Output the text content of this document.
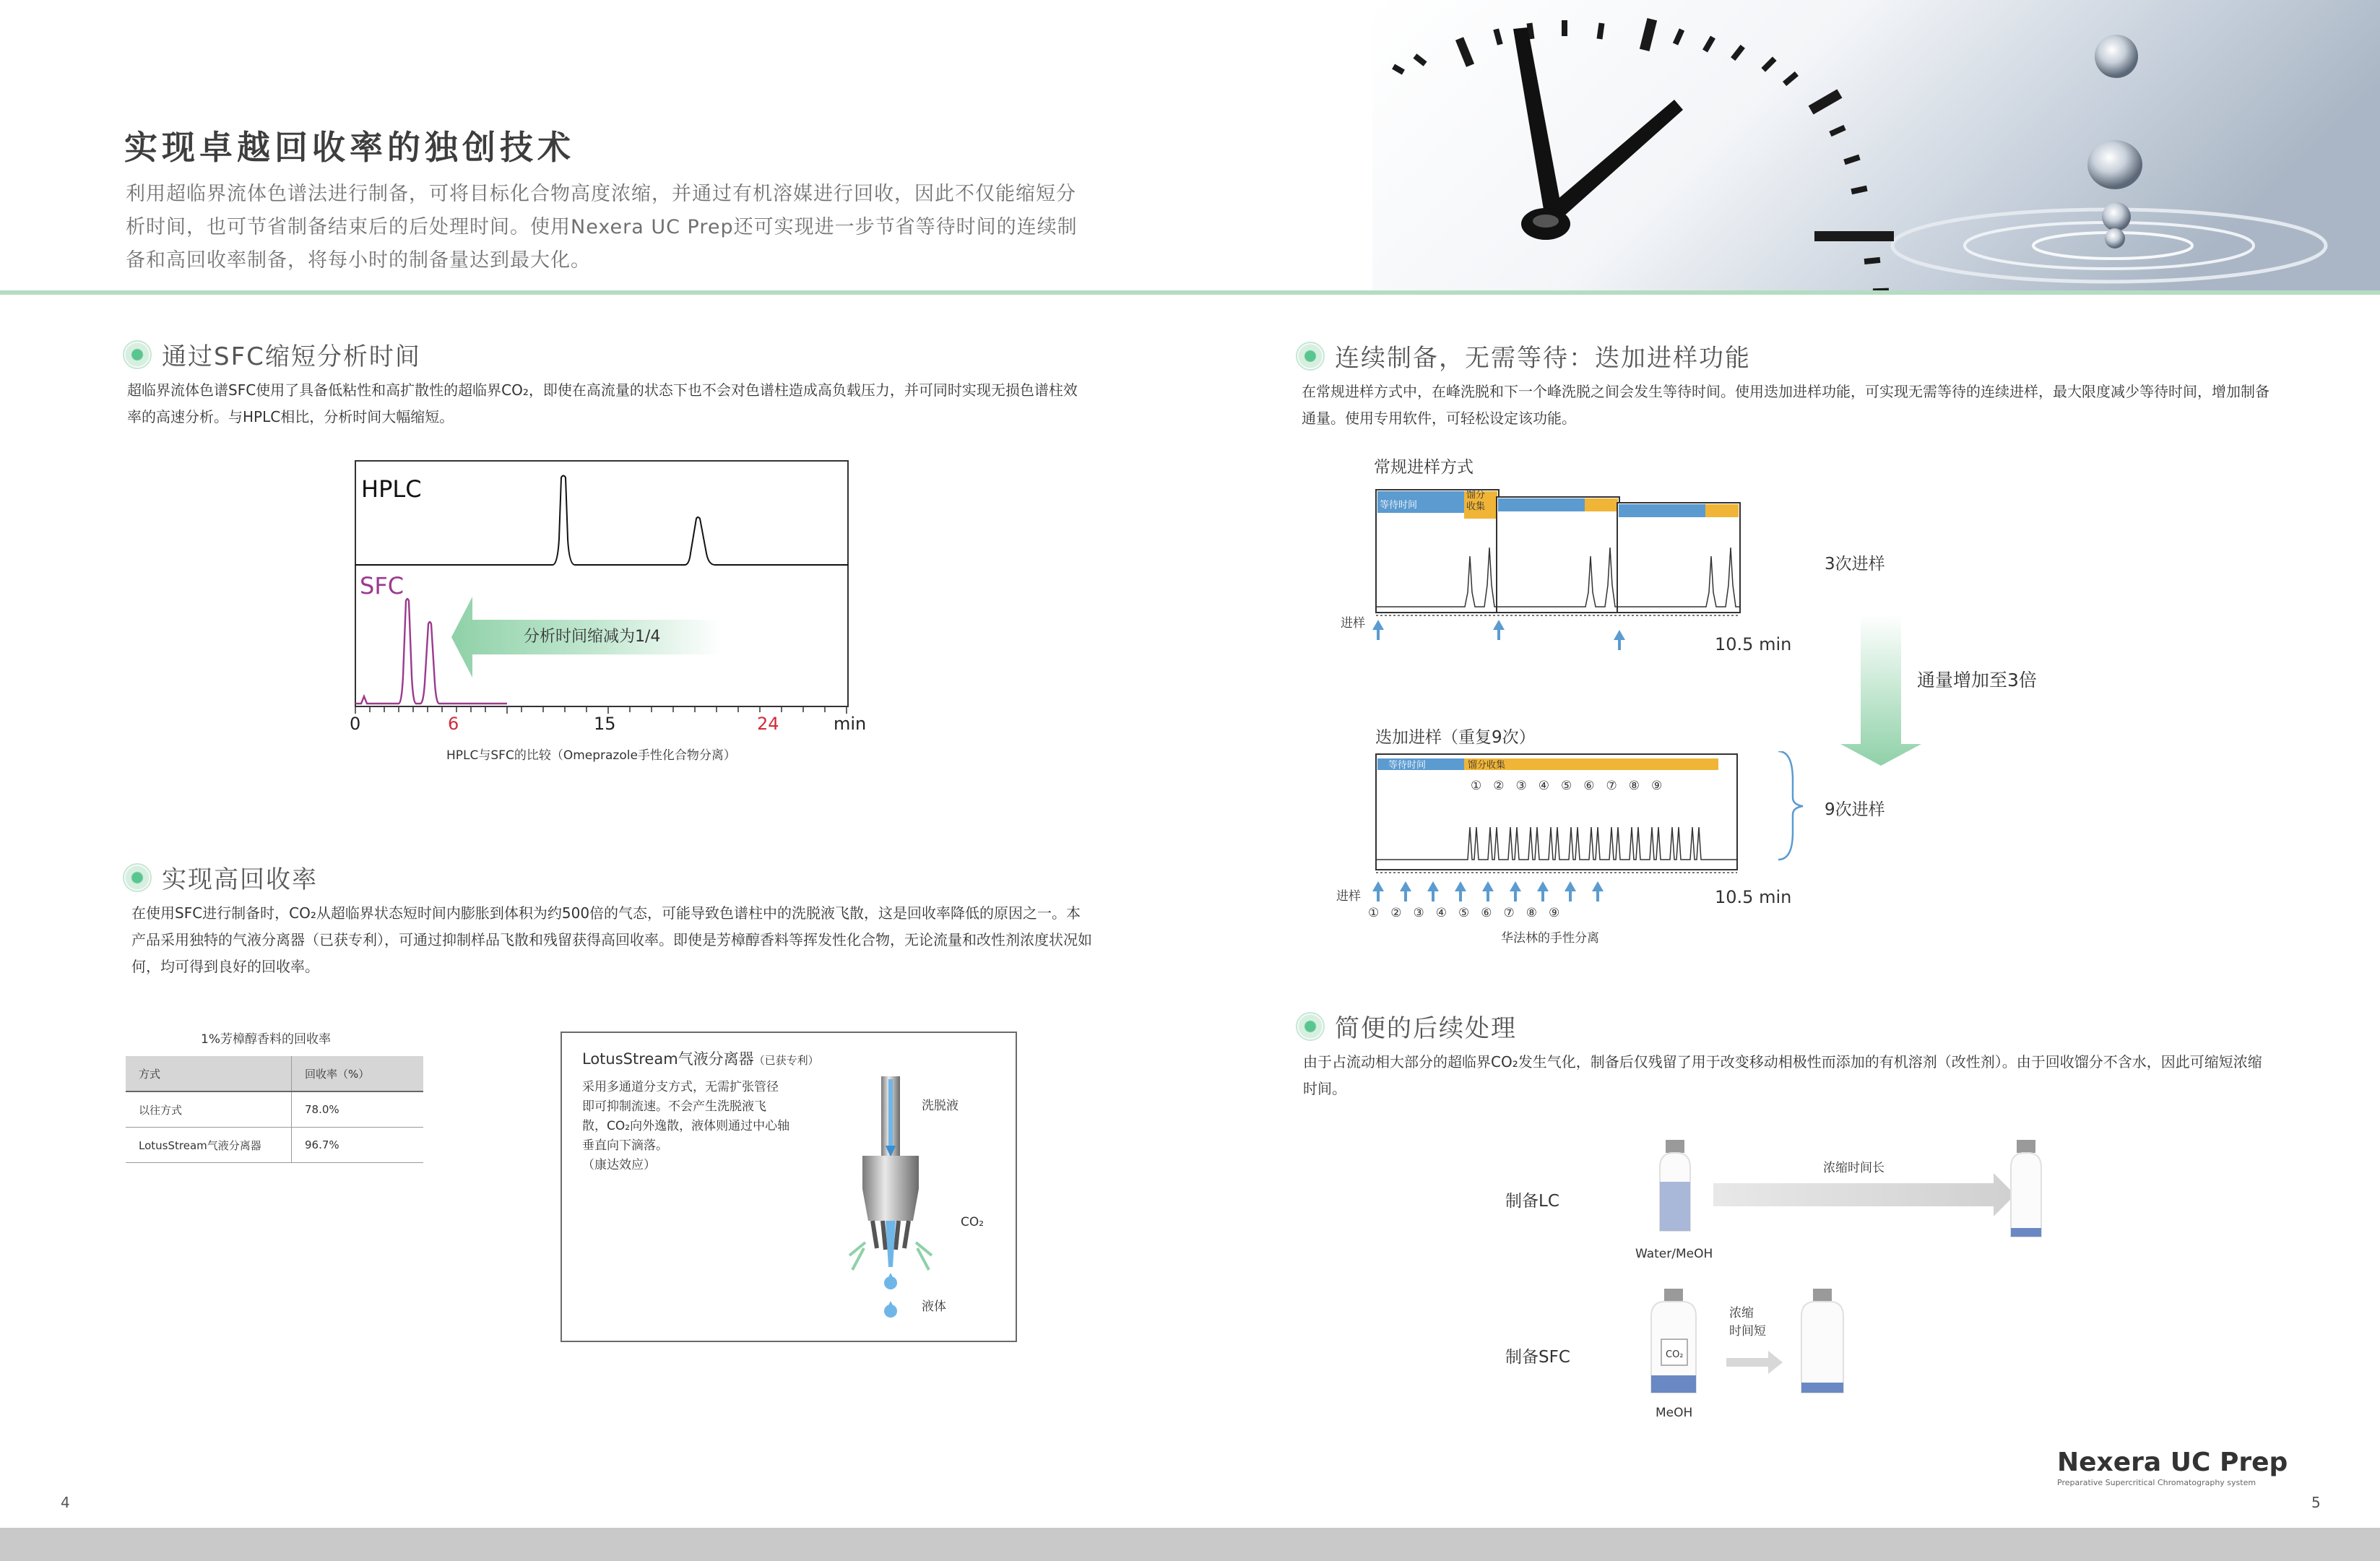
实现卓越回收率的独创技术
利用超临界流体色谱法进行制备，可将目标化合物高度浓缩，并通过有机溶媒进行回收，因此不仅能缩短分析时间，也可节省制备结束后的后处理时间。使用Nexera UC Prep还可实现进一步节省等待时间的连续制备和高回收率制备，将每小时的制备量达到最大化。
通过SFC缩短分析时间
超临界流体色谱SFC使用了具备低粘性和高扩散性的超临界CO₂，即使在高流量的状态下也不会对色谱柱造成高负载压力，并可同时实现无损色谱柱效率的高速分析。与HPLC相比，分析时间大幅缩短。
HPLC
SFC
分析时间缩减为1/4
0	6	15	24	min
HPLC与SFC的比较（Omeprazole手性化合物分离）
实现高回收率
在使用SFC进行制备时，CO₂从超临界状态短时间内膨胀到体积为约500倍的气态，可能导致色谱柱中的洗脱液飞散，这是回收率降低的原因之一。本产品采用独特的气液分离器（已获专利），可通过抑制样品飞散和残留获得高回收率。即使是芳樟醇香料等挥发性化合物，无论流量和改性剂浓度状况如何，均可得到良好的回收率。
1%芳樟醇香料的回收率
方式	回收率（%）
以往方式	78.0%
LotusStream气液分离器	96.7%
LotusStream气液分离器（已获专利）
采用多通道分支方式，无需扩张管径
即可抑制流速。不会产生洗脱液飞
散，CO₂向外逸散，液体则通过中心轴
垂直向下滴落。
（康达效应）
洗脱液
CO₂
液体
连续制备，无需等待：迭加进样功能
在常规进样方式中，在峰洗脱和下一个峰洗脱之间会发生等待时间。使用迭加进样功能，可实现无需等待的连续进样，最大限度减少等待时间，增加制备通量。使用专用软件，可轻松设定该功能。
常规进样方式
等待时间
馏分
收集
进样
10.5 min
3次进样
通量增加至3倍
迭加进样（重复9次）
等待时间	馏分收集
① ② ③ ④ ⑤ ⑥ ⑦ ⑧ ⑨
进样
① ② ③ ④ ⑤ ⑥ ⑦ ⑧ ⑨
10.5 min
9次进样
华法林的手性分离
简便的后续处理
由于占流动相大部分的超临界CO₂发生气化，制备后仅残留了用于改变移动相极性而添加的有机溶剂（改性剂）。由于回收馏分不含水，因此可缩短浓缩时间。
制备LC
浓缩时间长
Water/MeOH
制备SFC	CO₂
浓缩
时间短
MeOH
Nexera UC Prep
Preparative Supercritical Chromatography system
4	5
